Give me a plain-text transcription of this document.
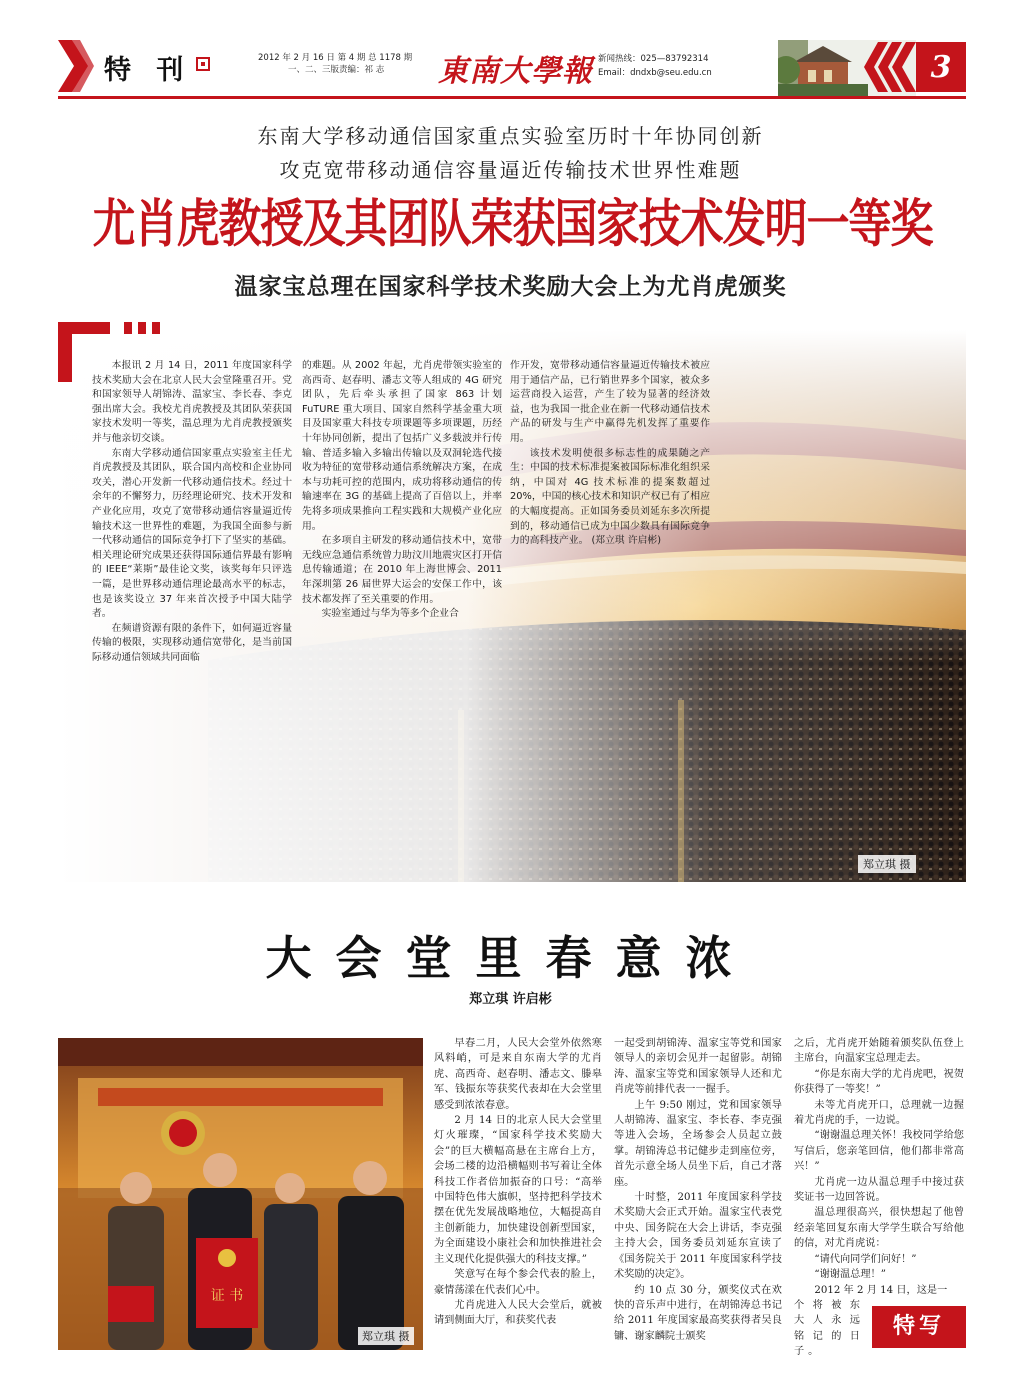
特 刊	2012 年 2 月 16 日 第 4 期 总 1178 期
一、二、三版责编：祁 志	東南大學報 新闻热线：025—83792314
Email：dndxb@seu.edu.cn	3
东南大学移动通信国家重点实验室历时十年协同创新
攻克宽带移动通信容量逼近传输技术世界性难题
尤肖虎教授及其团队荣获国家技术发明一等奖
温家宝总理在国家科学技术奖励大会上为尤肖虎颁奖

本报讯 2 月 14 日，2011 年度国家科学技术奖励大会在北京人民大会堂隆重召开。党和国家领导人胡锦涛、温家宝、李长春、李克强出席大会。我校尤肖虎教授及其团队荣获国家技术发明一等奖，温总理为尤肖虎教授颁奖并与他亲切交谈。

东南大学移动通信国家重点实验室主任尤肖虎教授及其团队，联合国内高校和企业协同攻关，潜心开发新一代移动通信技术。经过十余年的不懈努力，历经理论研究、技术开发和产业化应用，攻克了宽带移动通信容量逼近传输技术这一世界性的难题，为我国全面参与新一代移动通信的国际竞争打下了坚实的基础。相关理论研究成果还获得国际通信界最有影响的 IEEE“莱斯”最佳论文奖，该奖每年只评选一篇，是世界移动通信理论最高水平的标志，也是该奖设立 37 年来首次授予中国大陆学者。

在频谱资源有限的条件下，如何逼近容量传输的极限，实现移动通信宽带化，是当前国际移动通信领域共同面临

的难题。从 2002 年起，尤肖虎带领实验室的高西奇、赵春明、潘志文等人组成的 4G 研究团队，先后牵头承担了国家 863 计划 FuTURE 重大项目、国家自然科学基金重大项目及国家重大科技专项课题等多项课题，历经十年协同创新，提出了包括广义多载波并行传输、普适多输入多输出传输以及双洞轮选代接收为特征的宽带移动通信系统解决方案，在成本与功耗可控的范围内，成功将移动通信的传输速率在 3G 的基础上提高了百倍以上，并率先将多项成果推向工程实践和大规模产业化应用。

在多项自主研发的移动通信技术中，宽带无线应急通信系统曾力助汶川地震灾区打开信息传输通道；在 2010 年上海世博会、2011 年深圳第 26 届世界大运会的安保工作中，该技术都发挥了至关重要的作用。

实验室通过与华为等多个企业合

作开发，宽带移动通信容量逼近传输技术被应用于通信产品，已行销世界多个国家，被众多运营商投入运营，产生了较为显著的经济效益，也为我国一批企业在新一代移动通信技术产品的研发与生产中赢得先机发挥了重要作用。

该技术发明使很多标志性的成果随之产生：中国的技术标准提案被国际标准化组织采纳，中国对 4G 技术标准的提案数超过 20%，中国的核心技术和知识产权已有了相应的大幅度提高。正如国务委员刘延东多次所提到的，移动通信已成为中国少数具有国际竞争力的高科技产业。 (郑立琪 许启彬)

郑立琪 摄
大会堂里春意浓
郑立琪 许启彬
证 书
郑立琪 摄

早春二月，人民大会堂外依然寒风料峭，可是来自东南大学的尤肖虎、高西奇、赵春明、潘志文、滕皋军、钱振东等获奖代表却在大会堂里感受到浓浓春意。

2 月 14 日的北京人民大会堂里灯火璀璨，“国家科学技术奖励大会”的巨大横幅高悬在主席台上方，会场二楼的边沿横幅则书写着让全体科技工作者倍加振奋的口号：“高举中国特色伟大旗帜，坚持把科学技术摆在优先发展战略地位，大幅提高自主创新能力，加快建设创新型国家，为全面建设小康社会和加快推进社会主义现代化提供强大的科技支撑。”

笑意写在每个参会代表的脸上，豪情荡漾在代表们心中。

尤肖虎进入人民大会堂后，就被请到侧面大厅，和获奖代表

一起受到胡锦涛、温家宝等党和国家领导人的亲切会见并一起留影。胡锦涛、温家宝等党和国家领导人还和尤肖虎等前排代表一一握手。

上午 9:50 刚过，党和国家领导人胡锦涛、温家宝、李长春、李克强等进入会场，全场参会人员起立鼓掌。胡锦涛总书记健步走到座位旁，首先示意全场人员坐下后，自己才落座。

十时整，2011 年度国家科学技术奖励大会正式开始。温家宝代表党中央、国务院在大会上讲话，李克强主持大会，国务委员刘延东宣读了《国务院关于 2011 年度国家科学技术奖励的决定》。

约 10 点 30 分，颁奖仪式在欢快的音乐声中进行，在胡锦涛总书记给 2011 年度国家最高奖获得者吴良镛、谢家麟院士颁奖

之后，尤肖虎开始随着颁奖队伍登上主席台，向温家宝总理走去。

“你是东南大学的尤肖虎吧，祝贺你获得了一等奖！”

未等尤肖虎开口，总理就一边握着尤肖虎的手，一边说。

“谢谢温总理关怀！我校同学给您写信后，您亲笔回信，他们都非常高兴！”

尤肖虎一边从温总理手中接过获奖证书一边回答说。

温总理很高兴，很快想起了他曾经亲笔回复东南大学学生联合写给他的信，对尤肖虎说：

“请代向同学们问好！”

“谢谢温总理！”

2012 年 2 月 14 日，这是一

个将被东大人永远铭记的日子。

特写
